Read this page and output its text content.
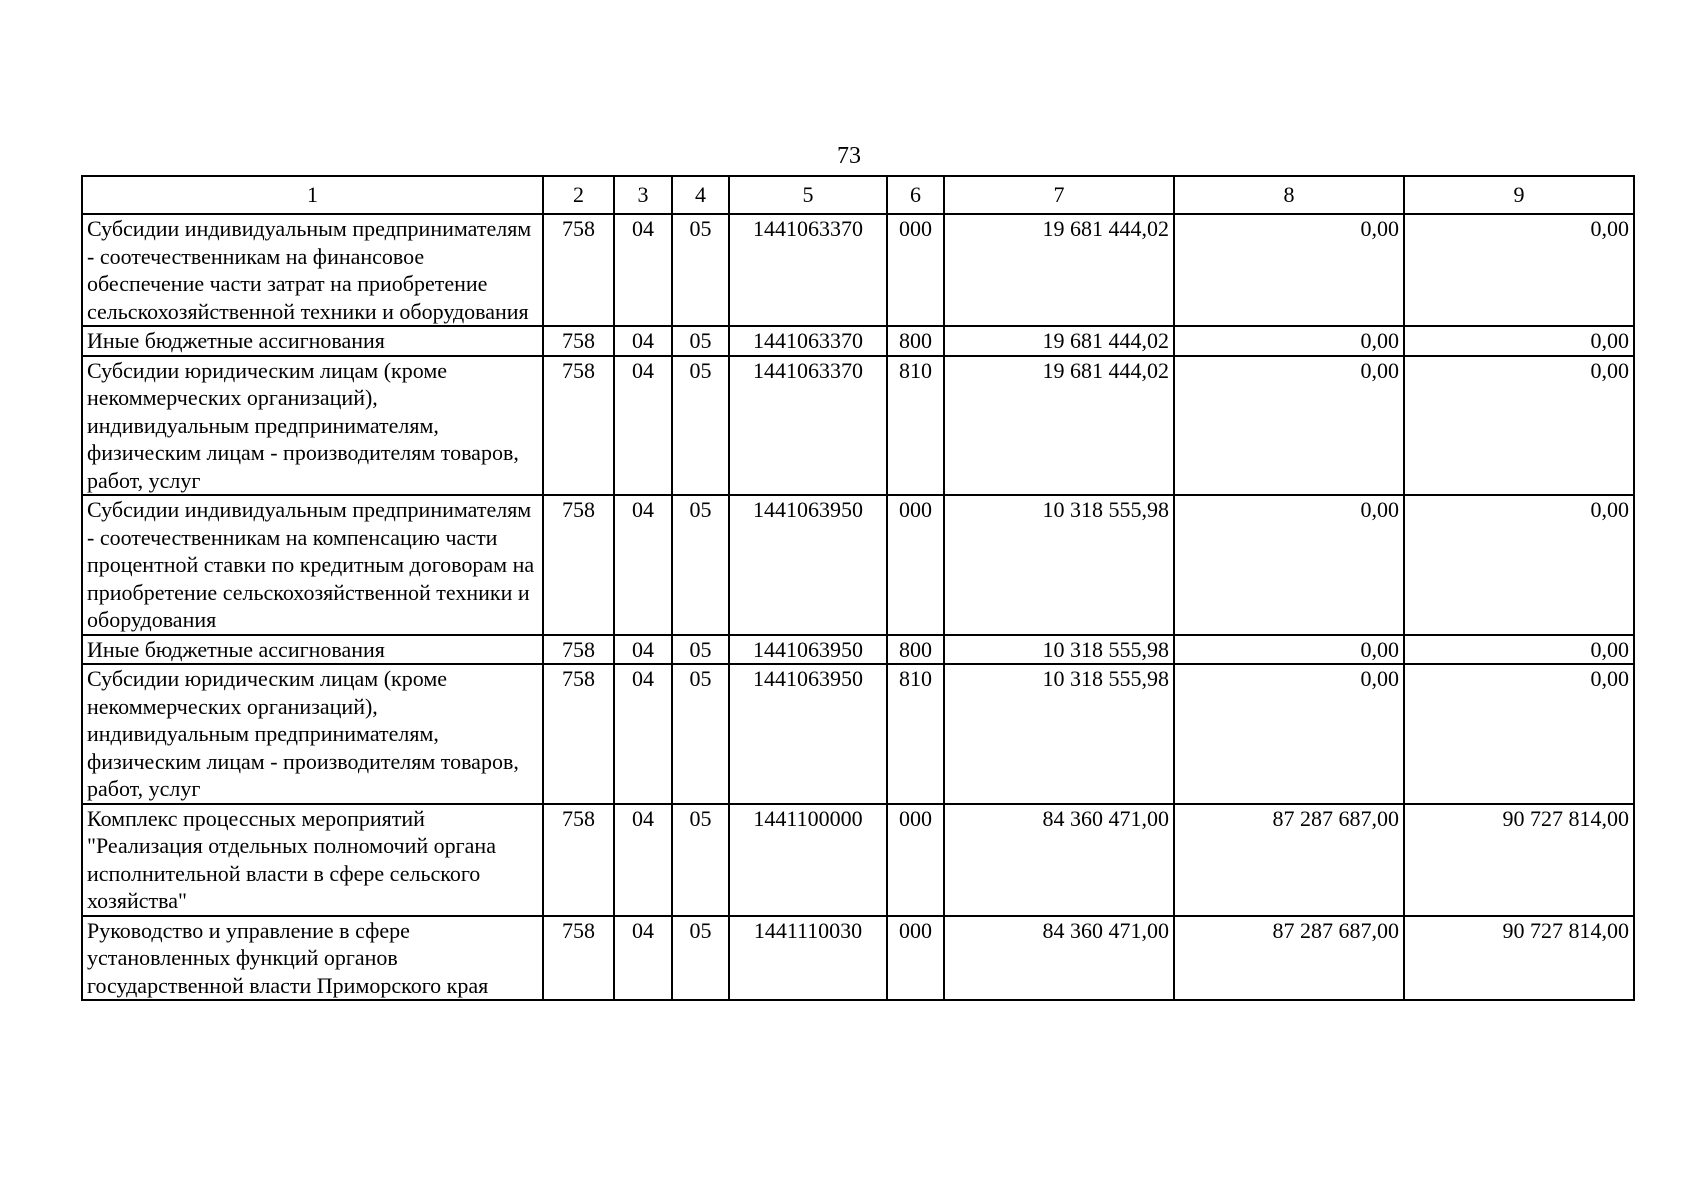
73
1	2	3	4	5	6	7	8	9
Субсидии индивидуальным предпринимателям - соотечественникам на финансовое обеспечение части затрат на приобретение сельскохозяйственной техники и оборудования	758	04	05	1441063370	000	19 681 444,02	0,00	0,00
Иные бюджетные ассигнования	758	04	05	1441063370	800	19 681 444,02	0,00	0,00
Субсидии юридическим лицам (кроме некоммерческих организаций), индивидуальным предпринимателям, физическим лицам - производителям товаров, работ, услуг	758	04	05	1441063370	810	19 681 444,02	0,00	0,00
Субсидии индивидуальным предпринимателям - соотечественникам на компенсацию части процентной ставки по кредитным договорам на приобретение сельскохозяйственной техники и оборудования	758	04	05	1441063950	000	10 318 555,98	0,00	0,00
Иные бюджетные ассигнования	758	04	05	1441063950	800	10 318 555,98	0,00	0,00
Субсидии юридическим лицам (кроме некоммерческих организаций), индивидуальным предпринимателям, физическим лицам - производителям товаров, работ, услуг	758	04	05	1441063950	810	10 318 555,98	0,00	0,00
Комплекс процессных мероприятий "Реализация отдельных полномочий органа исполнительной власти в сфере сельского хозяйства"	758	04	05	1441100000	000	84 360 471,00	87 287 687,00	90 727 814,00
Руководство и управление в сфере установленных функций органов государственной власти Приморского края	758	04	05	1441110030	000	84 360 471,00	87 287 687,00	90 727 814,00
